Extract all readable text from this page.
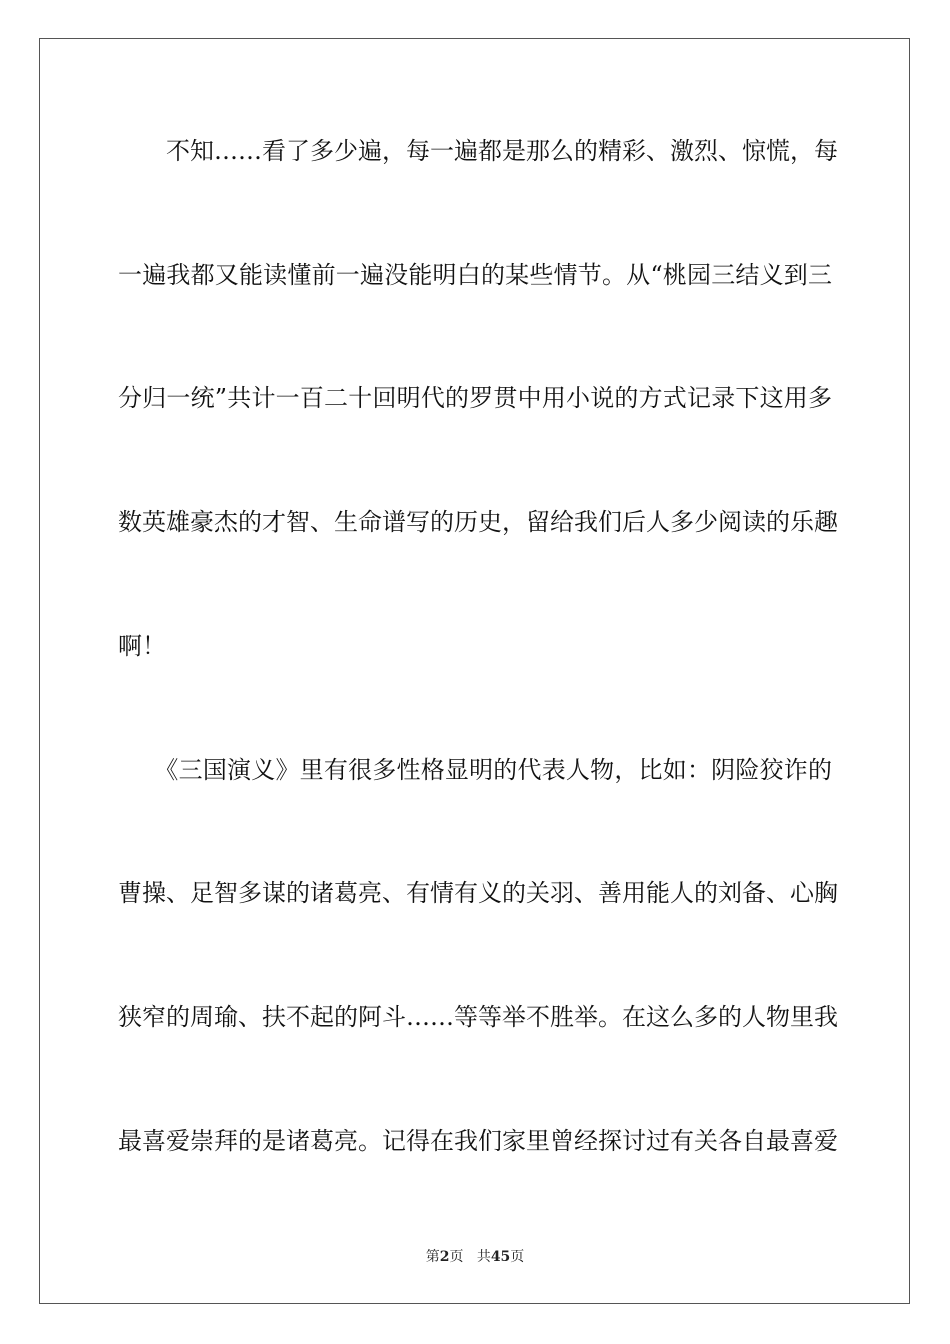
　　不知……看了多少遍，每一遍都是那么的精彩、激烈、惊慌，每
一遍我都又能读懂前一遍没能明白的某些情节。从“桃园三结义到三
分归一统”共计一百二十回明代的罗贯中用小说的方式记录下这用多
数英雄豪杰的才智、生命谱写的历史，留给我们后人多少阅读的乐趣
啊！
　　《三国演义》里有很多性格显明的代表人物，比如：阴险狡诈的
曹操、足智多谋的诸葛亮、有情有义的关羽、善用能人的刘备、心胸
狭窄的周瑜、扶不起的阿斗……等等举不胜举。在这么多的人物里我
最喜爱崇拜的是诸葛亮。记得在我们家里曾经探讨过有关各自最喜爱
第2页 共45页
